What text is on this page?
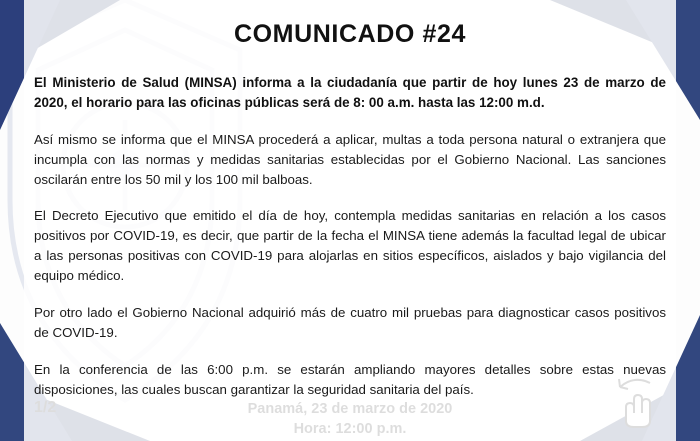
COMUNICADO #24

El Ministerio de Salud (MINSA) informa a la ciudadanía que partir de hoy lunes 23 de marzo de 2020, el horario para las oficinas públicas será de 8: 00 a.m. hasta las 12:00 m.d.

Así mismo se informa que el MINSA procederá a aplicar, multas a toda persona natural o extranjera que incumpla con las normas y medidas sanitarias establecidas por el Gobierno Nacional. Las sanciones oscilarán entre los 50 mil y los 100 mil balboas.

El Decreto Ejecutivo que emitido el día de hoy, contempla medidas sanitarias en relación a los casos positivos por COVID-19, es decir, que partir de la fecha el MINSA tiene además la facultad legal de ubicar a las personas positivas con COVID-19 para alojarlas en sitios específicos, aislados y bajo vigilancia del equipo médico.

Por otro lado el Gobierno Nacional adquirió más de cuatro mil pruebas para diagnosticar casos positivos de COVID-19.

En la conferencia de las 6:00 p.m. se estarán ampliando mayores detalles sobre estas nuevas disposiciones, las cuales buscan garantizar la seguridad sanitaria del país.
